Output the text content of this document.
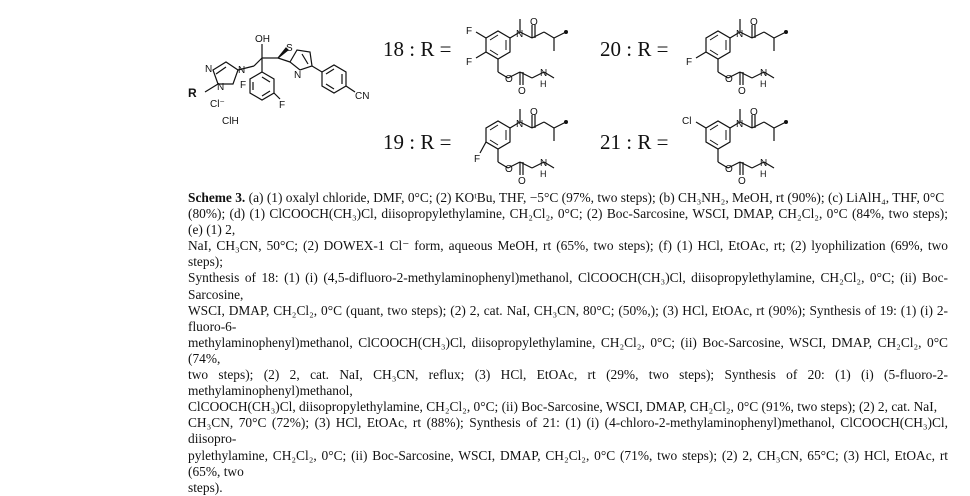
R N
N	N
Cl⁻
ClH
OH
F
F
S
N
CN
18 : R =
19 : R =
20 : R =
21 : R =
N
O
O
O
N
H
F
F
N
O
O
O
N
H
F
N
O
O
O
N
H
F
N
O
O
O
N
H
Cl

Scheme 3. (a) (1) oxalyl chloride, DMF, 0°C; (2) KOᵗBu, THF, −5°C (97%, two steps); (b) CH₃NH₂, MeOH, rt (90%); (c) LiAlH₄, THF, 0°C

(80%); (d) (1) ClCOOCH(CH₃)Cl, diisopropylethylamine, CH₂Cl₂, 0°C; (2) Boc-Sarcosine, WSCI, DMAP, CH₂Cl₂, 0°C (84%, two steps); (e) (1) 2,

NaI, CH₃CN, 50°C; (2) DOWEX-1 Cl⁻ form, aqueous MeOH, rt (65%, two steps); (f) (1) HCl, EtOAc, rt; (2) lyophilization (69%, two steps);

Synthesis of 18: (1) (i) (4,5-difluoro-2-methylaminophenyl)methanol, ClCOOCH(CH₃)Cl, diisopropylethylamine, CH₂Cl₂, 0°C; (ii) Boc-Sarcosine,

WSCI, DMAP, CH₂Cl₂, 0°C (quant, two steps); (2) 2, cat. NaI, CH₃CN, 80°C; (50%,); (3) HCl, EtOAc, rt (90%); Synthesis of 19: (1) (i) 2-fluoro-6-

methylaminophenyl)methanol, ClCOOCH(CH₃)Cl, diisopropylethylamine, CH₂Cl₂, 0°C; (ii) Boc-Sarcosine, WSCI, DMAP, CH₂Cl₂, 0°C (74%,

two steps); (2) 2, cat. NaI, CH₃CN, reflux; (3) HCl, EtOAc, rt (29%, two steps); Synthesis of 20: (1) (i) (5-fluoro-2-methylaminophenyl)methanol,

ClCOOCH(CH₃)Cl, diisopropylethylamine, CH₂Cl₂, 0°C; (ii) Boc-Sarcosine, WSCI, DMAP, CH₂Cl₂, 0°C (91%, two steps); (2) 2, cat. NaI,

CH₃CN, 70°C (72%); (3) HCl, EtOAc, rt (88%); Synthesis of 21: (1) (i) (4-chloro-2-methylaminophenyl)methanol, ClCOOCH(CH₃)Cl, diisopro-

pylethylamine, CH₂Cl₂, 0°C; (ii) Boc-Sarcosine, WSCI, DMAP, CH₂Cl₂, 0°C (71%, two steps); (2) 2, CH₃CN, 65°C; (3) HCl, EtOAc, rt (65%, two

steps).
